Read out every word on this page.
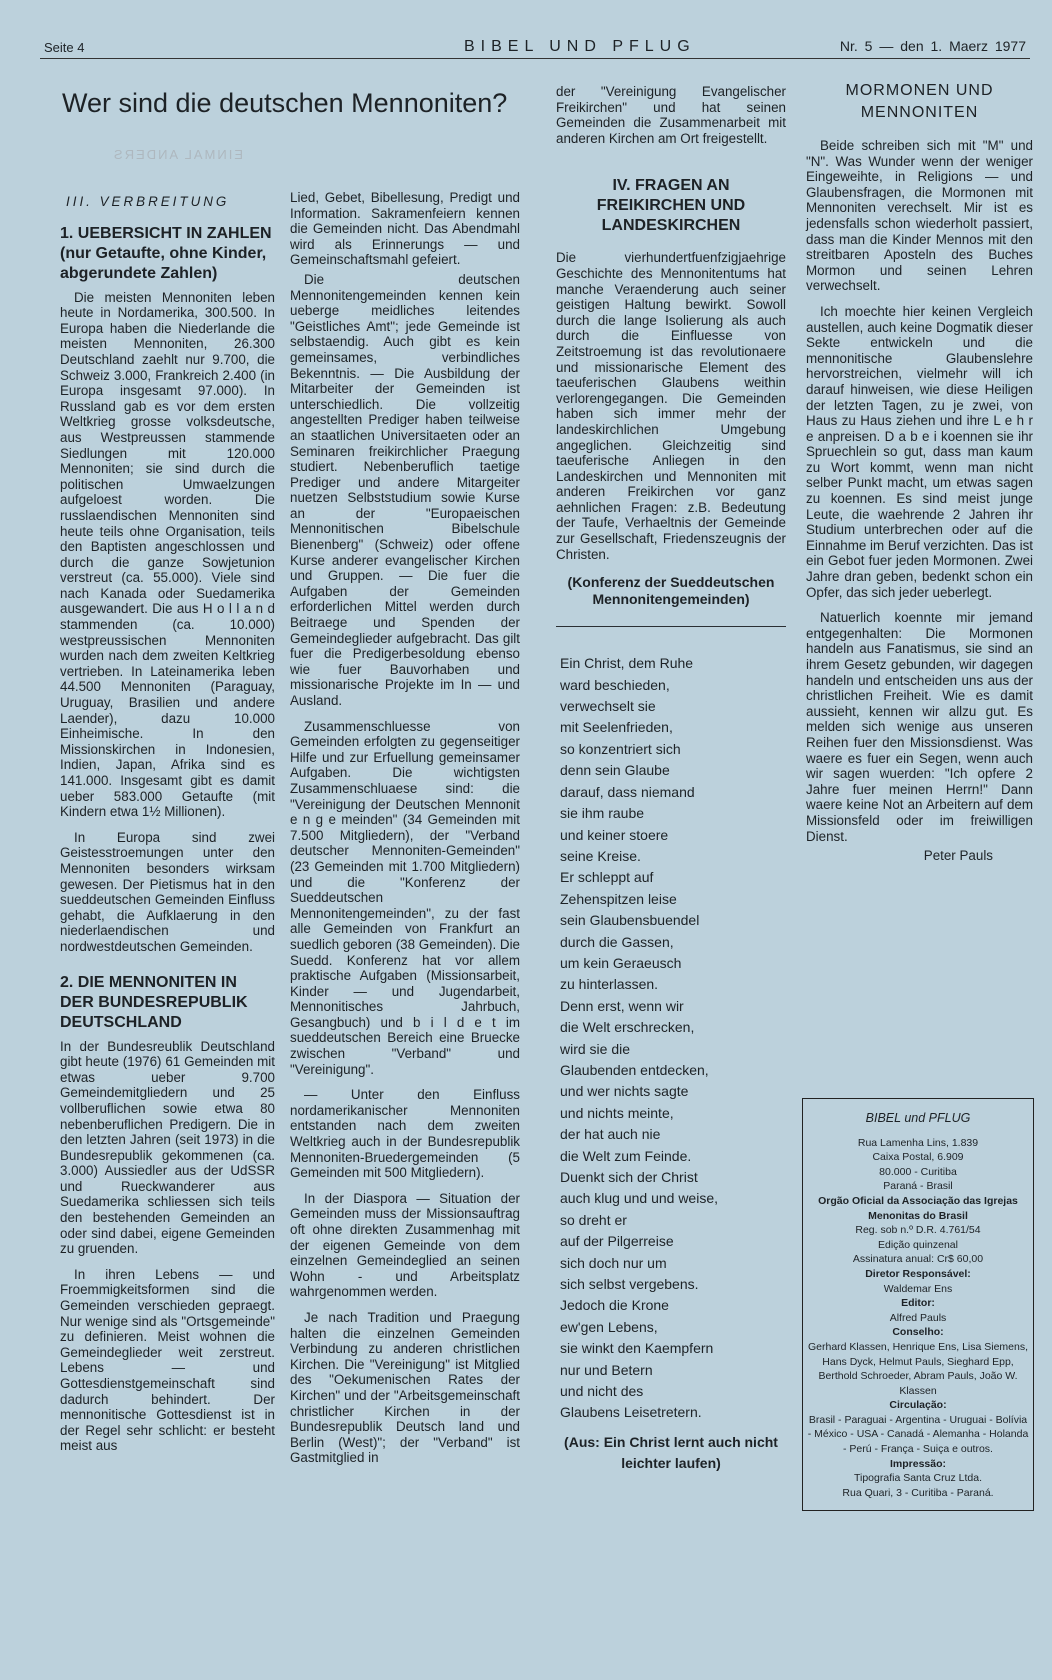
Seite 4	BIBEL UND PFLUG	Nr. 5 — den 1. Maerz 1977
Wer sind die deutschen Mennoniten?
EINMAL ANDERS
III. VERBREITUNG
1. UEBERSICHT IN ZAHLEN (nur Getaufte, ohne Kinder, abgerundete Zahlen)

Die meisten Mennoniten leben heute in Nordamerika, 300.500. In Europa haben die Niederlande die meisten Mennoniten, 26.300 Deutschland zaehlt nur 9.700, die Schweiz 3.000, Frankreich 2.400 (in Europa insgesamt 97.000). In Russland gab es vor dem ersten Weltkrieg grosse volksdeutsche, aus Westpreussen stammende Siedlungen mit 120.000 Mennoniten; sie sind durch die politischen Umwaelzungen aufgeloest worden. Die russlaendischen Mennoniten sind heute teils ohne Organisation, teils den Baptisten angeschlossen und durch die ganze Sowjetunion verstreut (ca. 55.000). Viele sind nach Kanada oder Suedamerika ausgewandert. Die aus H o l l a n d stammenden (ca. 10.000) westpreussischen Mennoniten wurden nach dem zweiten Keltkrieg vertrieben. In Lateinamerika leben 44.500 Mennoniten (Paraguay, Uruguay, Brasilien und andere Laender), dazu 10.000 Einheimische. In den Missionskirchen in Indonesien, Indien, Japan, Afrika sind es 141.000. Insgesamt gibt es damit ueber 583.000 Getaufte (mit Kindern etwa 1½ Millionen).

In Europa sind zwei Geistesstroemungen unter den Mennoniten besonders wirksam gewesen. Der Pietismus hat in den sueddeutschen Gemeinden Einfluss gehabt, die Aufklaerung in den niederlaendischen und nordwestdeutschen Gemeinden.

2. DIE MENNONITEN IN DER BUNDESREPUBLIK DEUTSCHLAND

In der Bundesreublik Deutschland gibt heute (1976) 61 Gemeinden mit etwas ueber 9.700 Gemeindemitgliedern und 25 vollberuflichen sowie etwa 80 nebenberuflichen Predigern. Die in den letzten Jahren (seit 1973) in die Bundesrepublik gekommenen (ca. 3.000) Aussiedler aus der UdSSR und Rueckwanderer aus Suedamerika schliessen sich teils den bestehenden Gemeinden an oder sind dabei, eigene Gemeinden zu gruenden.

In ihren Lebens — und Froemmigkeitsformen sind die Gemeinden verschieden gepraegt. Nur wenige sind als "Ortsgemeinde" zu definieren. Meist wohnen die Gemeindeglieder weit zerstreut. Lebens — und Gottesdienstgemeinschaft sind dadurch behindert. Der mennonitische Gottesdienst ist in der Regel sehr schlicht: er besteht meist aus

Lied, Gebet, Bibellesung, Predigt und Information. Sakramenfeiern kennen die Gemeinden nicht. Das Abendmahl wird als Erinnerungs — und Gemeinschaftsmahl gefeiert.

Die deutschen Mennonitengemeinden kennen kein ueberge meidliches leitendes "Geistliches Amt"; jede Gemeinde ist selbstaendig. Auch gibt es kein gemeinsames, verbindliches Bekenntnis. — Die Ausbildung der Mitarbeiter der Gemeinden ist unterschiedlich. Die vollzeitig angestellten Prediger haben teilweise an staatlichen Universitaeten oder an Seminaren freikirchlicher Praegung studiert. Nebenberuflich taetige Prediger und andere Mitargeiter nuetzen Selbststudium sowie Kurse an der "Europaeischen Mennonitischen Bibelschule Bienenberg" (Schweiz) oder offene Kurse anderer evangelischer Kirchen und Gruppen. — Die fuer die Aufgaben der Gemeinden erforderlichen Mittel werden durch Beitraege und Spenden der Gemeindeglieder aufgebracht. Das gilt fuer die Predigerbesoldung ebenso wie fuer Bauvorhaben und missionarische Projekte im In — und Ausland.

Zusammenschluesse von Gemeinden erfolgten zu gegenseitiger Hilfe und zur Erfuellung gemeinsamer Aufgaben. Die wichtigsten Zusammenschluaese sind: die "Vereinigung der Deutschen Mennonit e n g e meinden" (34 Gemeinden mit 7.500 Mitgliedern), der "Verband deutscher Mennoniten-Gemeinden" (23 Gemeinden mit 1.700 Mitgliedern) und die "Konferenz der Sueddeutschen Mennonitengemeinden", zu der fast alle Gemeinden von Frankfurt an suedlich geboren (38 Gemeinden). Die Suedd. Konferenz hat vor allem praktische Aufgaben (Missionsarbeit, Kinder — und Jugendarbeit, Mennonitisches Jahrbuch, Gesangbuch) und b i l d e t im sueddeutschen Bereich eine Bruecke zwischen "Verband" und "Vereinigung".

— Unter den Einfluss nordamerikanischer Mennoniten entstanden nach dem zweiten Weltkrieg auch in der Bundesrepublik Mennoniten-Bruedergemeinden (5 Gemeinden mit 500 Mitgliedern).

In der Diaspora — Situation der Gemeinden muss der Missionsauftrag oft ohne direkten Zusammenhag mit der eigenen Gemeinde von dem einzelnen Gemeindeglied an seinen Wohn - und Arbeitsplatz wahrgenommen werden.

Je nach Tradition und Praegung halten die einzelnen Gemeinden Verbindung zu anderen christlichen Kirchen. Die "Vereinigung" ist Mitglied des "Oekumenischen Rates der Kirchen" und der "Arbeitsgemeinschaft christlicher Kirchen in der Bundesrepublik Deutsch land und Berlin (West)"; der "Verband" ist Gastmitglied in

der "Vereinigung Evangelischer Freikirchen" und hat seinen Gemeinden die Zusammenarbeit mit anderen Kirchen am Ort freigestellt.

IV. FRAGEN AN FREIKIRCHEN UND LANDESKIRCHEN

Die vierhundertfuenfzigjaehrige Geschichte des Mennonitentums hat manche Veraenderung auch seiner geistigen Haltung bewirkt. Sowoll durch die lange Isolierung als auch durch die Einfluesse von Zeitstroemung ist das revolutionaere und missionarische Element des taeuferischen Glaubens weithin verlorengegangen. Die Gemeinden haben sich immer mehr der landeskirchlichen Umgebung angeglichen. Gleichzeitig sind taeuferische Anliegen in den Landeskirchen und Mennoniten mit anderen Freikirchen vor ganz aehnlichen Fragen: z.B. Bedeutung der Taufe, Verhaeltnis der Gemeinde zur Gesellschaft, Friedenszeugnis der Christen.

(Konferenz der Sueddeutschen Mennonitengemeinden)
Ein Christ, dem Ruhe
ward beschieden,
verwechselt sie
mit Seelenfrieden,
so konzentriert sich
denn sein Glaube
darauf, dass niemand
sie ihm raube
und keiner stoere
seine Kreise.
Er schleppt auf
Zehenspitzen leise
sein Glaubensbuendel
durch die Gassen,
um kein Geraeusch
zu hinterlassen.
Denn erst, wenn wir
die Welt erschrecken,
wird sie die
Glaubenden entdecken,
und wer nichts sagte
und nichts meinte,
der hat auch nie
die Welt zum Feinde.
Duenkt sich der Christ
auch klug und und weise,
so dreht er
auf der Pilgerreise
sich doch nur um
sich selbst vergebens.
Jedoch die Krone
ew'gen Lebens,
sie winkt den Kaempfern
nur und Betern
und nicht des
Glaubens Leisetretern.
(Aus: Ein Christ lernt auch nicht leichter laufen)
MORMONEN UND MENNONITEN

Beide schreiben sich mit "M" und "N". Was Wunder wenn der weniger Eingeweihte, in Religions — und Glaubensfragen, die Mormonen mit Mennoniten verechselt. Mir ist es jedensfalls schon wiederholt passiert, dass man die Kinder Mennos mit den streitbaren Aposteln des Buches Mormon und seinen Lehren verwechselt.

Ich moechte hier keinen Vergleich austellen, auch keine Dogmatik dieser Sekte entwickeln und die mennonitische Glaubenslehre hervorstreichen, vielmehr will ich darauf hinweisen, wie diese Heiligen der letzten Tagen, zu je zwei, von Haus zu Haus ziehen und ihre L e h r e anpreisen. D a b e i koennen sie ihr Spruechlein so gut, dass man kaum zu Wort kommt, wenn man nicht selber Punkt macht, um etwas sagen zu koennen. Es sind meist junge Leute, die waehrende 2 Jahren ihr Studium unterbrechen oder auf die Einnahme im Beruf verzichten. Das ist ein Gebot fuer jeden Mormonen. Zwei Jahre dran geben, bedenkt schon ein Opfer, das sich jeder ueberlegt.

Natuerlich koennte mir jemand entgegenhalten: Die Mormonen handeln aus Fanatismus, sie sind an ihrem Gesetz gebunden, wir dagegen handeln und entscheiden uns aus der christlichen Freiheit. Wie es damit aussieht, kennen wir allzu gut. Es melden sich wenige aus unseren Reihen fuer den Missionsdienst. Was waere es fuer ein Segen, wenn auch wir sagen wuerden: "Ich opfere 2 Jahre fuer meinen Herrn!" Dann waere keine Not an Arbeitern auf dem Missionsfeld oder im freiwilligen Dienst.

Peter Pauls
BIBEL und PFLUG
Rua Lamenha Lins, 1.839
Caixa Postal, 6.909
80.000 - Curitiba
Paraná - Brasil
Orgão Oficial da Associação das Igrejas Menonitas do Brasil
Reg. sob n.º D.R. 4.761/54
Edição quinzenal
Assinatura anual: Cr$ 60,00
Diretor Responsável:
Waldemar Ens
Editor:
Alfred Pauls
Conselho:
Gerhard Klassen, Henrique Ens, Lisa Siemens, Hans Dyck, Helmut Pauls, Sieghard Epp, Berthold Schroeder, Abram Pauls, João W. Klassen
Circulação:
Brasil - Paraguai - Argentina - Uruguai - Bolívia - México - USA - Canadá - Alemanha - Holanda - Perú - França - Suiça e outros.
Impressão:
Tipografia Santa Cruz Ltda.
Rua Quari, 3 - Curitiba - Paraná.
